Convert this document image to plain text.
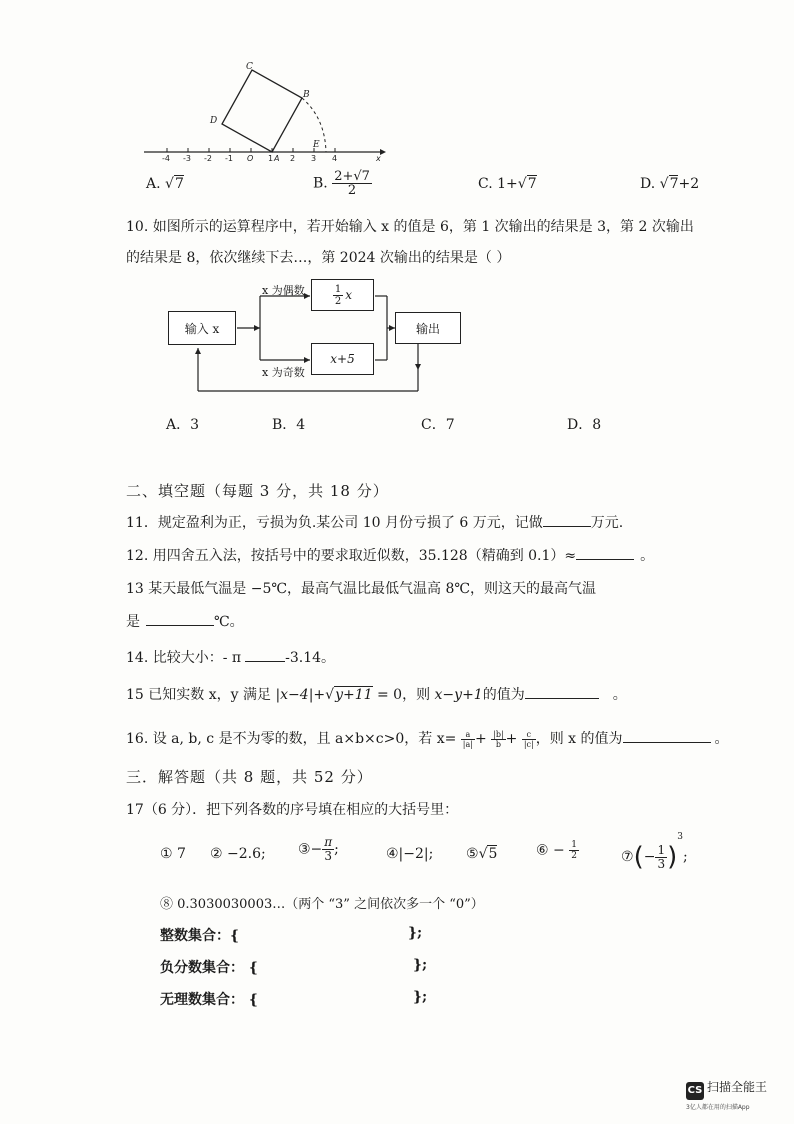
C
B
D
E
-4 -3 -2 -1 O 1 A 2 3 4	x
A. √7	B. $\frac{2+√7}{2}$	C. 1+√7	D. √7+2
10. 如图所示的运算程序中，若开始输入 x 的值是 6，第 1 次输出的结果是 3，第 2 次输出
的结果是 8，依次继续下去…，第 2024 次输出的结果是（ ）
输入 x
x 为偶数
x 为奇数
$\frac{1}{2}$ x
x+5
输出
A．3	B．4	C．7	D．8
二、填空题（每题 3 分，共 18 分）
11．规定盈利为正，亏损为负.某公司 10 月份亏损了 6 万元，记做	万元.
12. 用四舍五入法，按括号中的要求取近似数，35.128（精确到 0.1）≈	。
13 某天最低气温是 −5℃，最高气温比最低气温高 8℃，则这天的最高气温
是	℃。
14. 比较大小：- π	-3.14。
15 已知实数 x，y 满足 |x−4|+√y+11 = 0，则 x−y+1的值为	。
16. 设 a, b, c 是不为零的数，且 a×b×c>0，若 $x= \frac{a}{|a|} + \frac{|b|}{b} + \frac{c}{|c|}$ ，则 x 的值为	。
三．解答题（共 8 题，共 52 分）
17（6 分）．把下列各数的序号填在相应的大括号里：
① 7 ② −2.6; ③− $\frac{\pi}{3}$ ;	④|−2|; ⑤√5	⑥ − $\frac{1}{2}$	⑦(− $\frac{1}{3} )^3$;
⑧ 0.3030030003…（两个 “3” 之间依次多一个 “0”）
整数集合：{	};
负分数集合： {	};
无理数集合： {	};
CS $^{扫描全能王}$
3亿人都在用的扫描App
